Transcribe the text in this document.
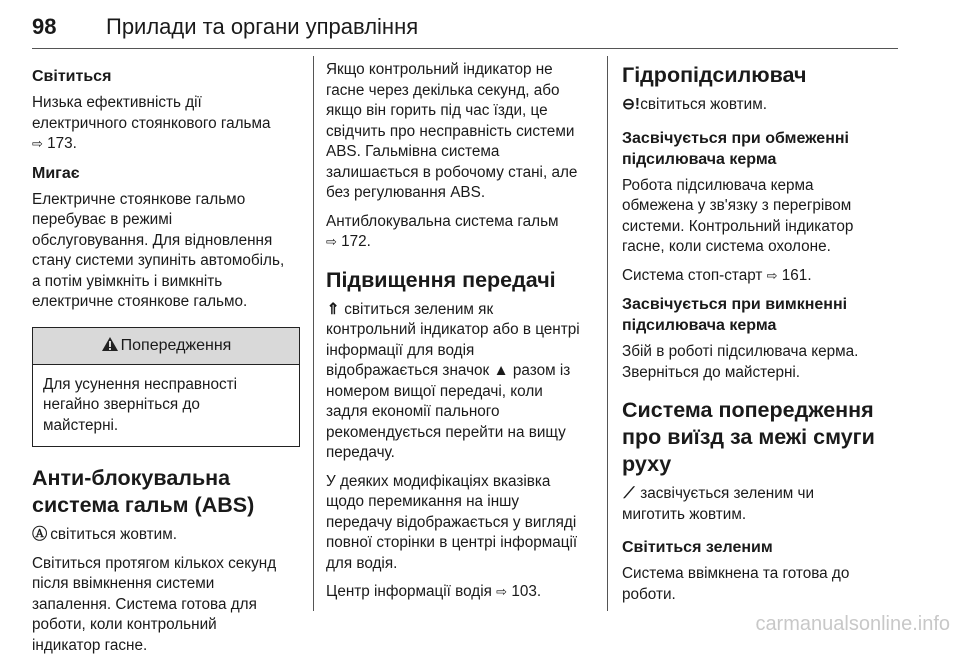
98 Прилади та органи управління
Світиться
Низька ефективність дії
електричного стоянкового гальма
⇨ 173.
Мигає
Електричне стоянкове гальмо
перебуває в режимі
обслуговування. Для відновлення
стану системи зупиніть автомобіль,
а потім увімкніть і вимкніть
електричне стоянкове гальмо.
Попередження
Для усунення несправності
негайно зверніться до
майстерні.
Анти-блокувальна
система гальм (ABS)
Ⓐ світиться жовтим.
Світиться протягом кількох секунд
після ввімкнення системи
запалення. Система готова для
роботи, коли контрольний
індикатор гасне.
Якщо контрольний індикатор не
гасне через декілька секунд, або
якщо він горить під час їзди, це
свідчить про несправність системи
ABS. Гальмівна система
залишається в робочому стані, але
без регулювання ABS.
Антиблокувальна система гальм
⇨ 172.
Підвищення передачі
⇑ світиться зеленим як
контрольний індикатор або в центрі
інформації для водія
відображається значок ▲ разом із
номером вищої передачі, коли
задля економії пального
рекомендується перейти на вищу
передачу.
У деяких модифікаціях вказівка
щодо перемикання на іншу
передачу відображається у вигляді
повної сторінки в центрі інформації
для водія.
Центр інформації водія ⇨ 103.
Гідропідсилювач
⊖! світиться жовтим.
Засвічується при обмеженні
підсилювача керма
Робота підсилювача керма
обмежена у зв'язку з перегрівом
системи. Контрольний індикатор
гасне, коли система охолоне.
Система стоп-старт ⇨ 161.
Засвічується при вимкненні
підсилювача керма
Збій в роботі підсилювача керма.
Зверніться до майстерні.
Система попередження
про виїзд за межі смуги
руху
⟋ засвічується зеленим чи
миготить жовтим.
Світиться зеленим
Система ввімкнена та готова до
роботи.
carmanualsonline.info
